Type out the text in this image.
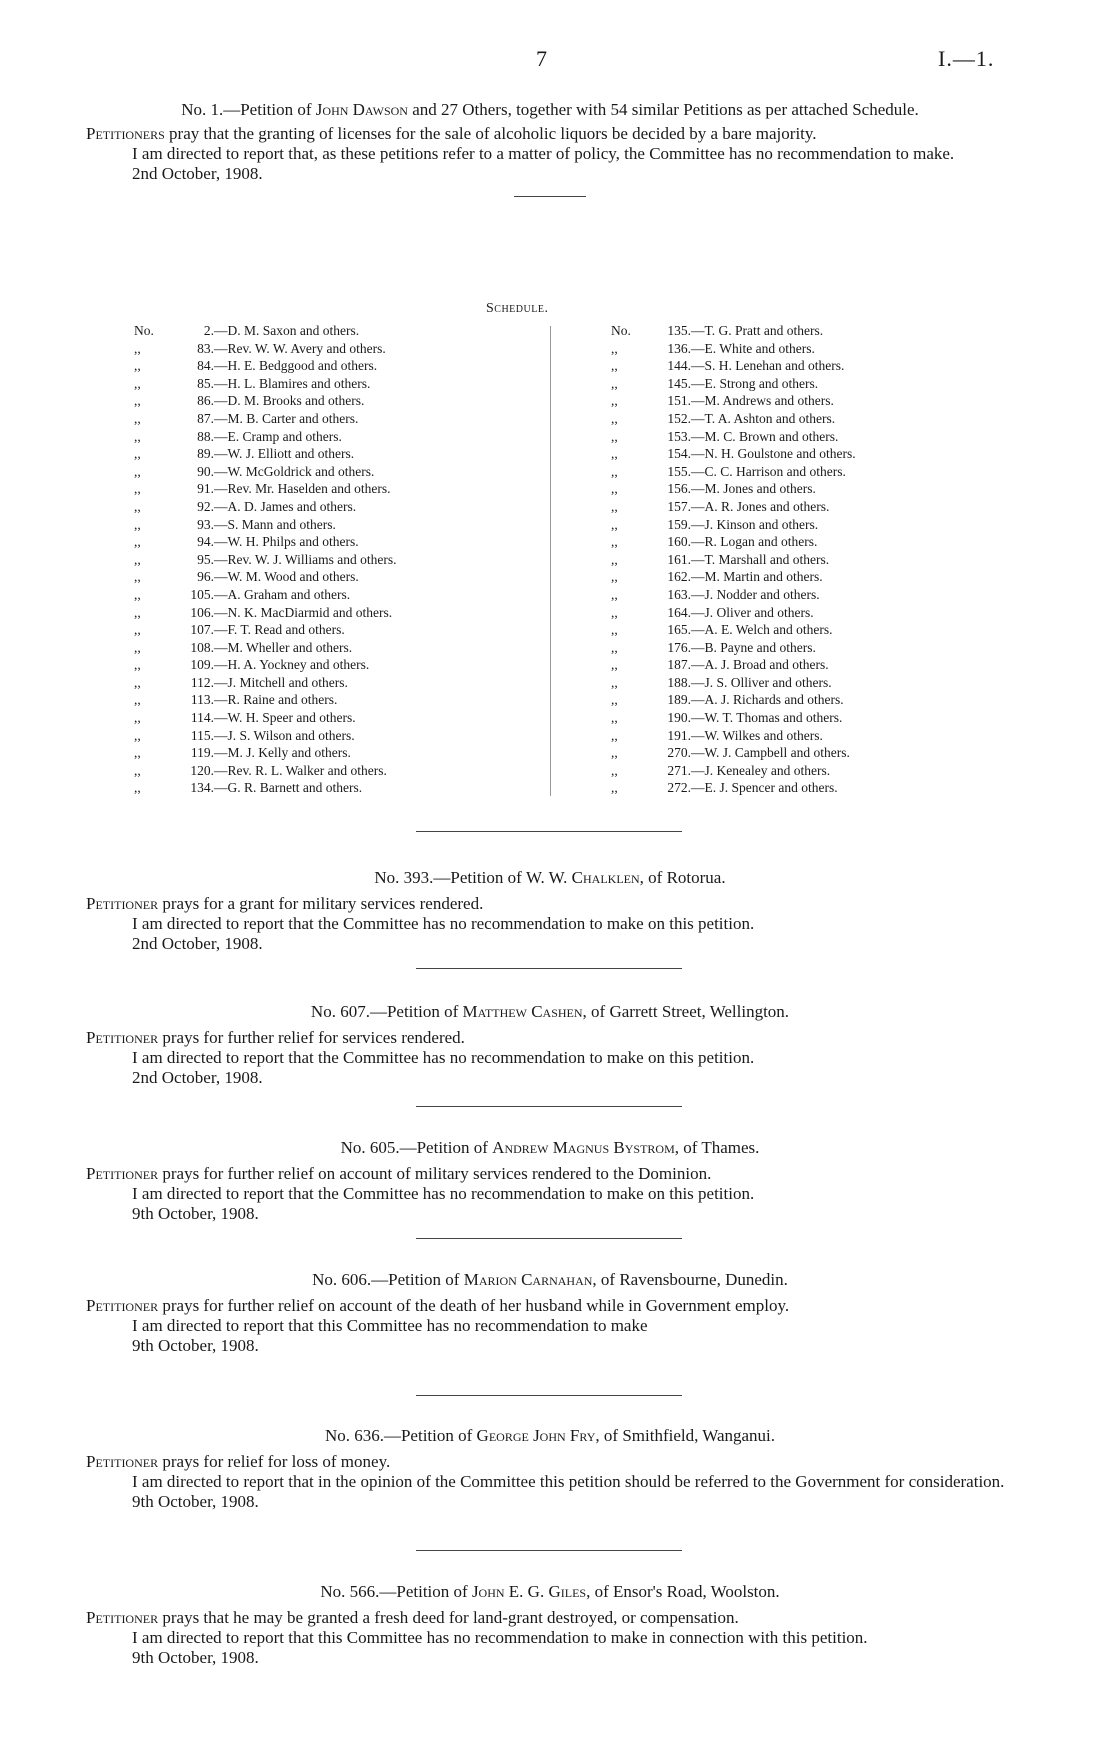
7	I.—1.
No. 1.—Petition of John Dawson and 27 Others, together with 54 similar Petitions as per attached Schedule.
Petitioners pray that the granting of licenses for the sale of alcoholic liquors be decided by a bare majority.
I am directed to report that, as these petitions refer to a matter of policy, the Committee has no recommendation to make.
2nd October, 1908.
Schedule.
No.	2. —D. M. Saxon and others.
,,	83. —Rev. W. W. Avery and others.
,,	84. —H. E. Bedggood and others.
,,	85. —H. L. Blamires and others.
,,	86. —D. M. Brooks and others.
,,	87. —M. B. Carter and others.
,,	88. —E. Cramp and others.
,,	89. —W. J. Elliott and others.
,,	90. —W. McGoldrick and others.
,,	91. —Rev. Mr. Haselden and others.
,,	92. —A. D. James and others.
,,	93. —S. Mann and others.
,,	94. —W. H. Philps and others.
,,	95. —Rev. W. J. Williams and others.
,,	96. —W. M. Wood and others.
,,	105. —A. Graham and others.
,,	106. —N. K. MacDiarmid and others.
,,	107. —F. T. Read and others.
,,	108. —M. Wheller and others.
,,	109. —H. A. Yockney and others.
,,	112. —J. Mitchell and others.
,,	113. —R. Raine and others.
,,	114. —W. H. Speer and others.
,,	115. —J. S. Wilson and others.
,,	119. —M. J. Kelly and others.
,,	120. —Rev. R. L. Walker and others.
,,	134. —G. R. Barnett and others.
No.	135. —T. G. Pratt and others.
,,	136. —E. White and others.
,,	144. —S. H. Lenehan and others.
,,	145. —E. Strong and others.
,,	151. —M. Andrews and others.
,,	152. —T. A. Ashton and others.
,,	153. —M. C. Brown and others.
,,	154. —N. H. Goulstone and others.
,,	155. —C. C. Harrison and others.
,,	156. —M. Jones and others.
,,	157. —A. R. Jones and others.
,,	159. —J. Kinson and others.
,,	160. —R. Logan and others.
,,	161. —T. Marshall and others.
,,	162. —M. Martin and others.
,,	163. —J. Nodder and others.
,,	164. —J. Oliver and others.
,,	165. —A. E. Welch and others.
,,	176. —B. Payne and others.
,,	187. —A. J. Broad and others.
,,	188. —J. S. Olliver and others.
,,	189. —A. J. Richards and others.
,,	190. —W. T. Thomas and others.
,,	191. —W. Wilkes and others.
,,	270. —W. J. Campbell and others.
,,	271. —J. Kenealey and others.
,,	272. —E. J. Spencer and others.
No. 393.—Petition of W. W. Chalklen, of Rotorua.
Petitioner prays for a grant for military services rendered.
I am directed to report that the Committee has no recommendation to make on this petition.
2nd October, 1908.
No. 607.—Petition of Matthew Cashen, of Garrett Street, Wellington.
Petitioner prays for further relief for services rendered.
I am directed to report that the Committee has no recommendation to make on this petition.
2nd October, 1908.
No. 605.—Petition of Andrew Magnus Bystrom, of Thames.
Petitioner prays for further relief on account of military services rendered to the Dominion.
I am directed to report that the Committee has no recommendation to make on this petition.
9th October, 1908.
No. 606.—Petition of Marion Carnahan, of Ravensbourne, Dunedin.
Petitioner prays for further relief on account of the death of her husband while in Government employ.
I am directed to report that this Committee has no recommendation to make
9th October, 1908.
No. 636.—Petition of George John Fry, of Smithfield, Wanganui.
Petitioner prays for relief for loss of money.
I am directed to report that in the opinion of the Committee this petition should be referred to the Government for consideration.
9th October, 1908.
No. 566.—Petition of John E. G. Giles, of Ensor's Road, Woolston.
Petitioner prays that he may be granted a fresh deed for land-grant destroyed, or compensation.
I am directed to report that this Committee has no recommendation to make in connection with this petition.
9th October, 1908.
